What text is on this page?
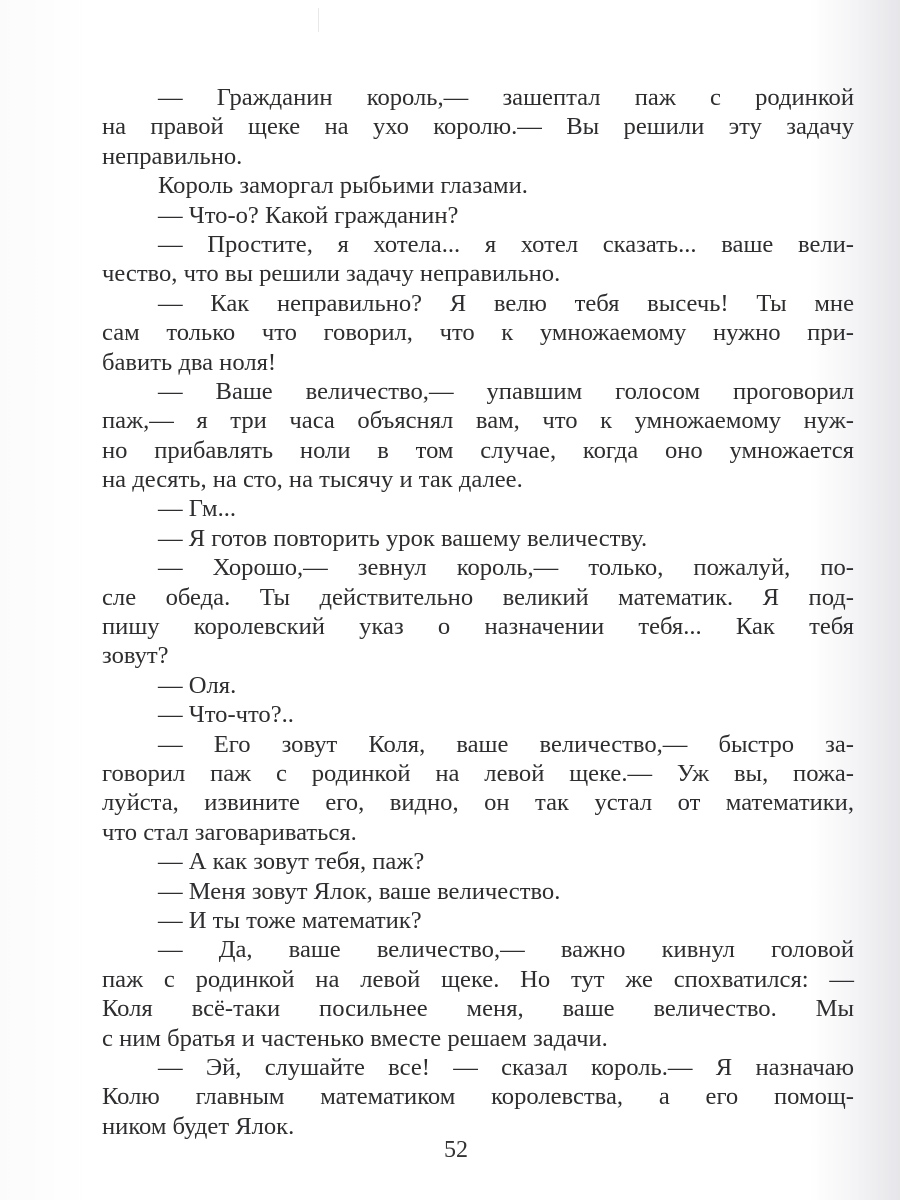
— Гражданин король,— зашептал паж с родинкой
на правой щеке на ухо королю.— Вы решили эту задачу
неправильно.
Король заморгал рыбьими глазами.
— Что-о? Какой гражданин?
— Простите, я хотела... я хотел сказать... ваше вели-
чество, что вы решили задачу неправильно.
— Как неправильно? Я велю тебя высечь! Ты мне
сам только что говорил, что к умножаемому нужно при-
бавить два ноля!
— Ваше величество,— упавшим голосом проговорил
паж,— я три часа объяснял вам, что к умножаемому нуж-
но прибавлять ноли в том случае, когда оно умножается
на десять, на сто, на тысячу и так далее.
— Гм...
— Я готов повторить урок вашему величеству.
— Хорошо,— зевнул король,— только, пожалуй, по-
сле обеда. Ты действительно великий математик. Я под-
пишу королевский указ о назначении тебя... Как тебя
зовут?
— Оля.
— Что-что?..
— Его зовут Коля, ваше величество,— быстро за-
говорил паж с родинкой на левой щеке.— Уж вы, пожа-
луйста, извините его, видно, он так устал от математики,
что стал заговариваться.
— А как зовут тебя, паж?
— Меня зовут Ялок, ваше величество.
— И ты тоже математик?
— Да, ваше величество,— важно кивнул головой
паж с родинкой на левой щеке. Но тут же спохватился: —
Коля всё-таки посильнее меня, ваше величество. Мы
с ним братья и частенько вместе решаем задачи.
— Эй, слушайте все! — сказал король.— Я назначаю
Колю главным математиком королевства, а его помощ-
ником будет Ялок.
52
